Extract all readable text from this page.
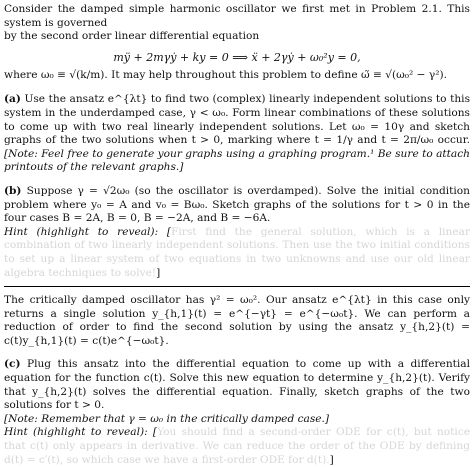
Consider the damped simple harmonic oscillator we first met in Problem 2.1. This system is governed
by the second order linear differential equation
mÿ + 2mγẏ + ky = 0 ⟹ ẍ + 2γẏ + ω₀²y = 0,
where ω₀ ≡ √(k/m). It may help throughout this problem to define ω̃ ≡ √(ω₀² − γ²).
(a) Use the ansatz e^{λt} to find two (complex) linearly independent solutions to this system in the underdamped case, γ < ω₀. Form linear combinations of these solutions to come up with two real linearly independent solutions. Let ω₀ = 10γ and sketch graphs of the two solutions when t > 0, marking where t = 1/γ and t = 2π/ω₀ occur. [Note: Feel free to generate your graphs using a graphing program.¹ Be sure to attach printouts of the relevant graphs.]
(b) Suppose γ = √2ω₀ (so the oscillator is overdamped). Solve the initial condition problem where y₀ = A and v₀ = Bω₀. Sketch graphs of the solutions for t > 0 in the four cases B = 2A, B = 0, B = −2A, and B = −6A.
Hint (highlight to reveal): [First find the general solution, which is a linear combination of two linearly independent solutions. Then use the two initial conditions to set up a linear system of two equations in two unknowns and use our old linear algebra techniques to solve!]
The critically damped oscillator has γ² = ω₀². Our ansatz e^{λt} in this case only returns a single solution y_{h,1}(t) = e^{−γt} = e^{−ω₀t}. We can perform a reduction of order to find the second solution by using the ansatz y_{h,2}(t) = c(t)y_{h,1}(t) = c(t)e^{−ω₀t}.
(c) Plug this ansatz into the differential equation to come up with a differential equation for the function c(t). Solve this new equation to determine y_{h,2}(t). Verify that y_{h,2}(t) solves the differential equation. Finally, sketch graphs of the two solutions for t > 0.
[Note: Remember that γ = ω₀ in the critically damped case.]
Hint (highlight to reveal): [You should find a second-order ODE for c(t), but notice that c(t) only appears in derivative. We can reduce the order of the ODE by defining d(t) = c′(t), so which case we have a first-order ODE for d(t).]
